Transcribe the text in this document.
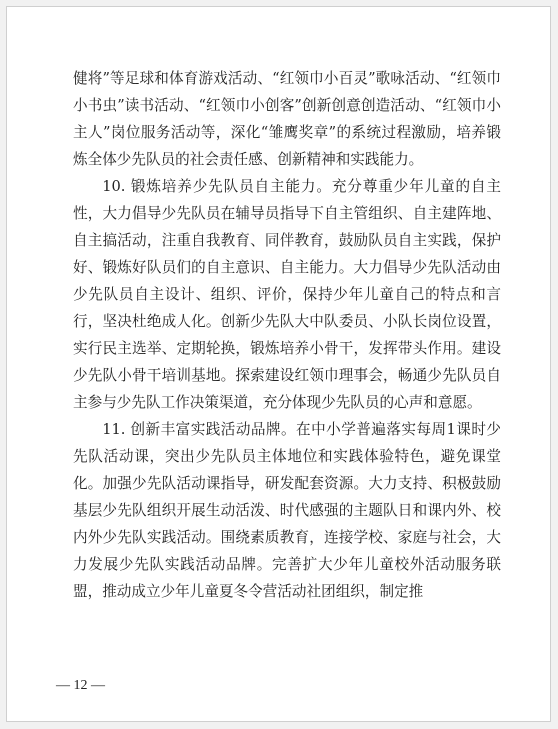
健将”等足球和体育游戏活动、“红领巾小百灵”歌咏活动、“红领巾小书虫”读书活动、“红领巾小创客”创新创意创造活动、“红领巾小主人”岗位服务活动等，深化“雏鹰奖章”的系统过程激励，培养锻炼全体少先队员的社会责任感、创新精神和实践能力。

10. 锻炼培养少先队员自主能力。充分尊重少年儿童的自主性，大力倡导少先队员在辅导员指导下自主管组织、自主建阵地、自主搞活动，注重自我教育、同伴教育，鼓励队员自主实践，保护好、锻炼好队员们的自主意识、自主能力。大力倡导少先队活动由少先队员自主设计、组织、评价，保持少年儿童自己的特点和言行，坚决杜绝成人化。创新少先队大中队委员、小队长岗位设置，实行民主选举、定期轮换，锻炼培养小骨干，发挥带头作用。建设少先队小骨干培训基地。探索建设红领巾理事会，畅通少先队员自主参与少先队工作决策渠道，充分体现少先队员的心声和意愿。

11. 创新丰富实践活动品牌。在中小学普遍落实每周1课时少先队活动课，突出少先队员主体地位和实践体验特色，避免课堂化。加强少先队活动课指导，研发配套资源。大力支持、积极鼓励基层少先队组织开展生动活泼、时代感强的主题队日和课内外、校内外少先队实践活动。围绕素质教育，连接学校、家庭与社会，大力发展少先队实践活动品牌。完善扩大少年儿童校外活动服务联盟，推动成立少年儿童夏冬令营活动社团组织，制定推

— 12 —
